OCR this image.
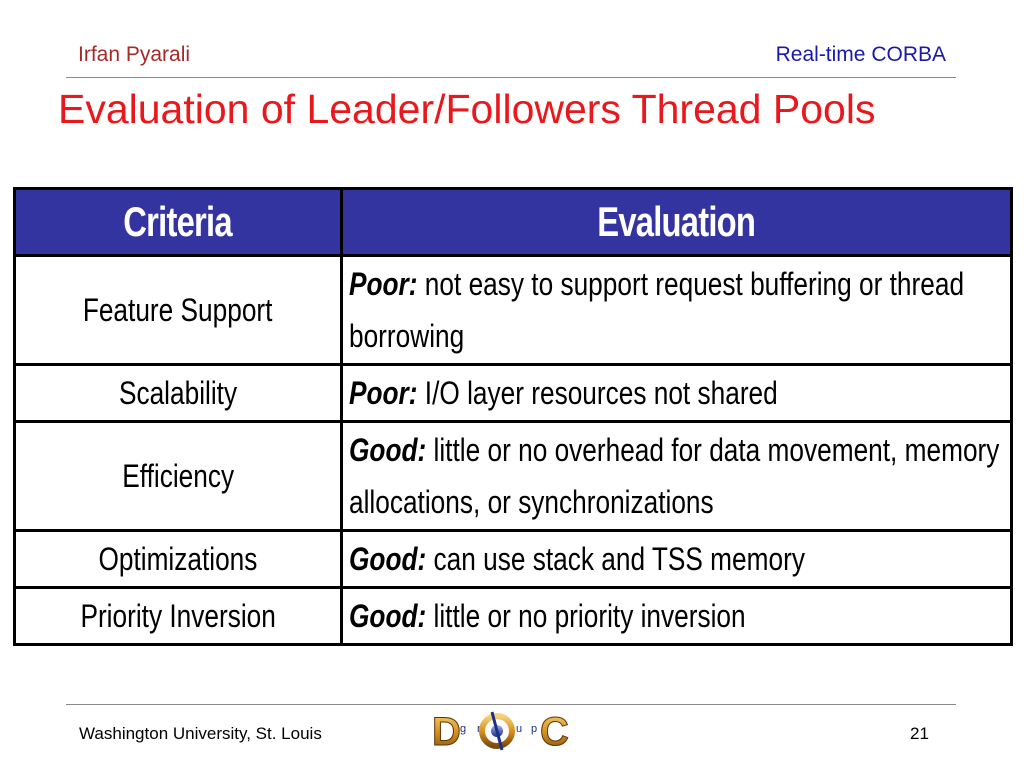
Irfan Pyarali	Real-time CORBA
Evaluation of Leader/Followers Thread Pools
Criteria	Evaluation
Feature Support	Poor: not easy to support request buffering or thread borrowing

Scalability	Poor: I/O layer resources not shared

Efficiency	Good: little or no overhead for data movement, memory allocations, or synchronizations

Optimizations	Good: can use stack and TSS memory

Priority Inversion	Good: little or no priority inversion
Washington University, St. Louis	D g r	u p C	21
